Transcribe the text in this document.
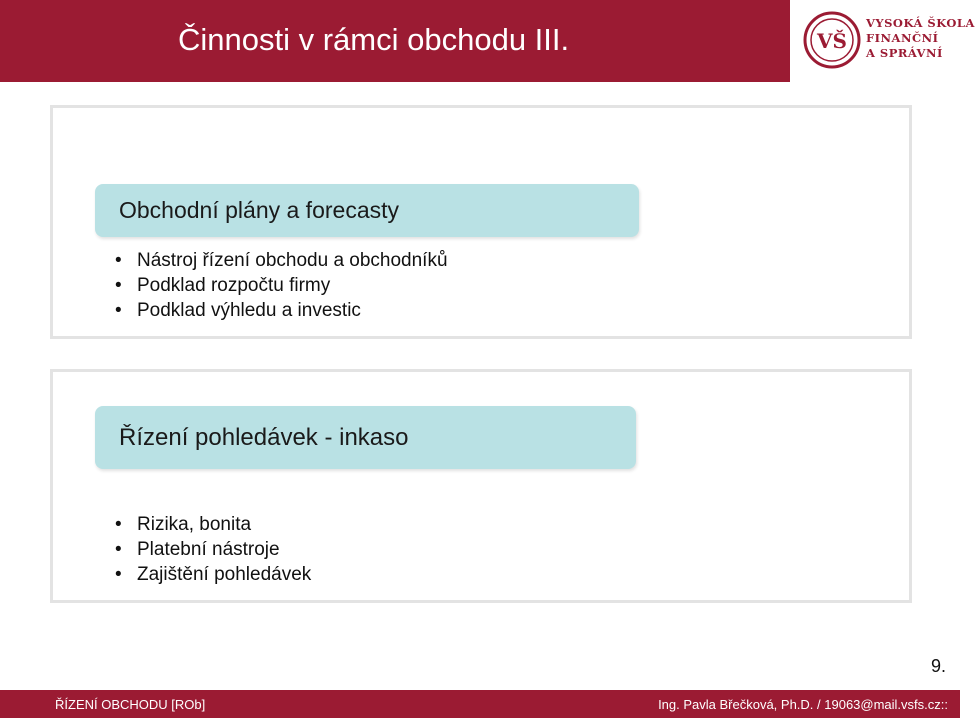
Činnosti v rámci obchodu III.	VŠ
VYSOKÁ ŠKOLA
FINANČNÍ
A SPRÁVNÍ
Obchodní plány a forecasty
• Nástroj řízení obchodu a obchodníků
• Podklad rozpočtu firmy
• Podklad výhledu a investic
Řízení pohledávek - inkaso
• Rizika, bonita
• Platební nástroje
• Zajištění pohledávek
9.
ŘÍZENÍ OBCHODU [ROb]	Ing. Pavla Břečková, Ph.D. / 19063@mail.vsfs.cz::
